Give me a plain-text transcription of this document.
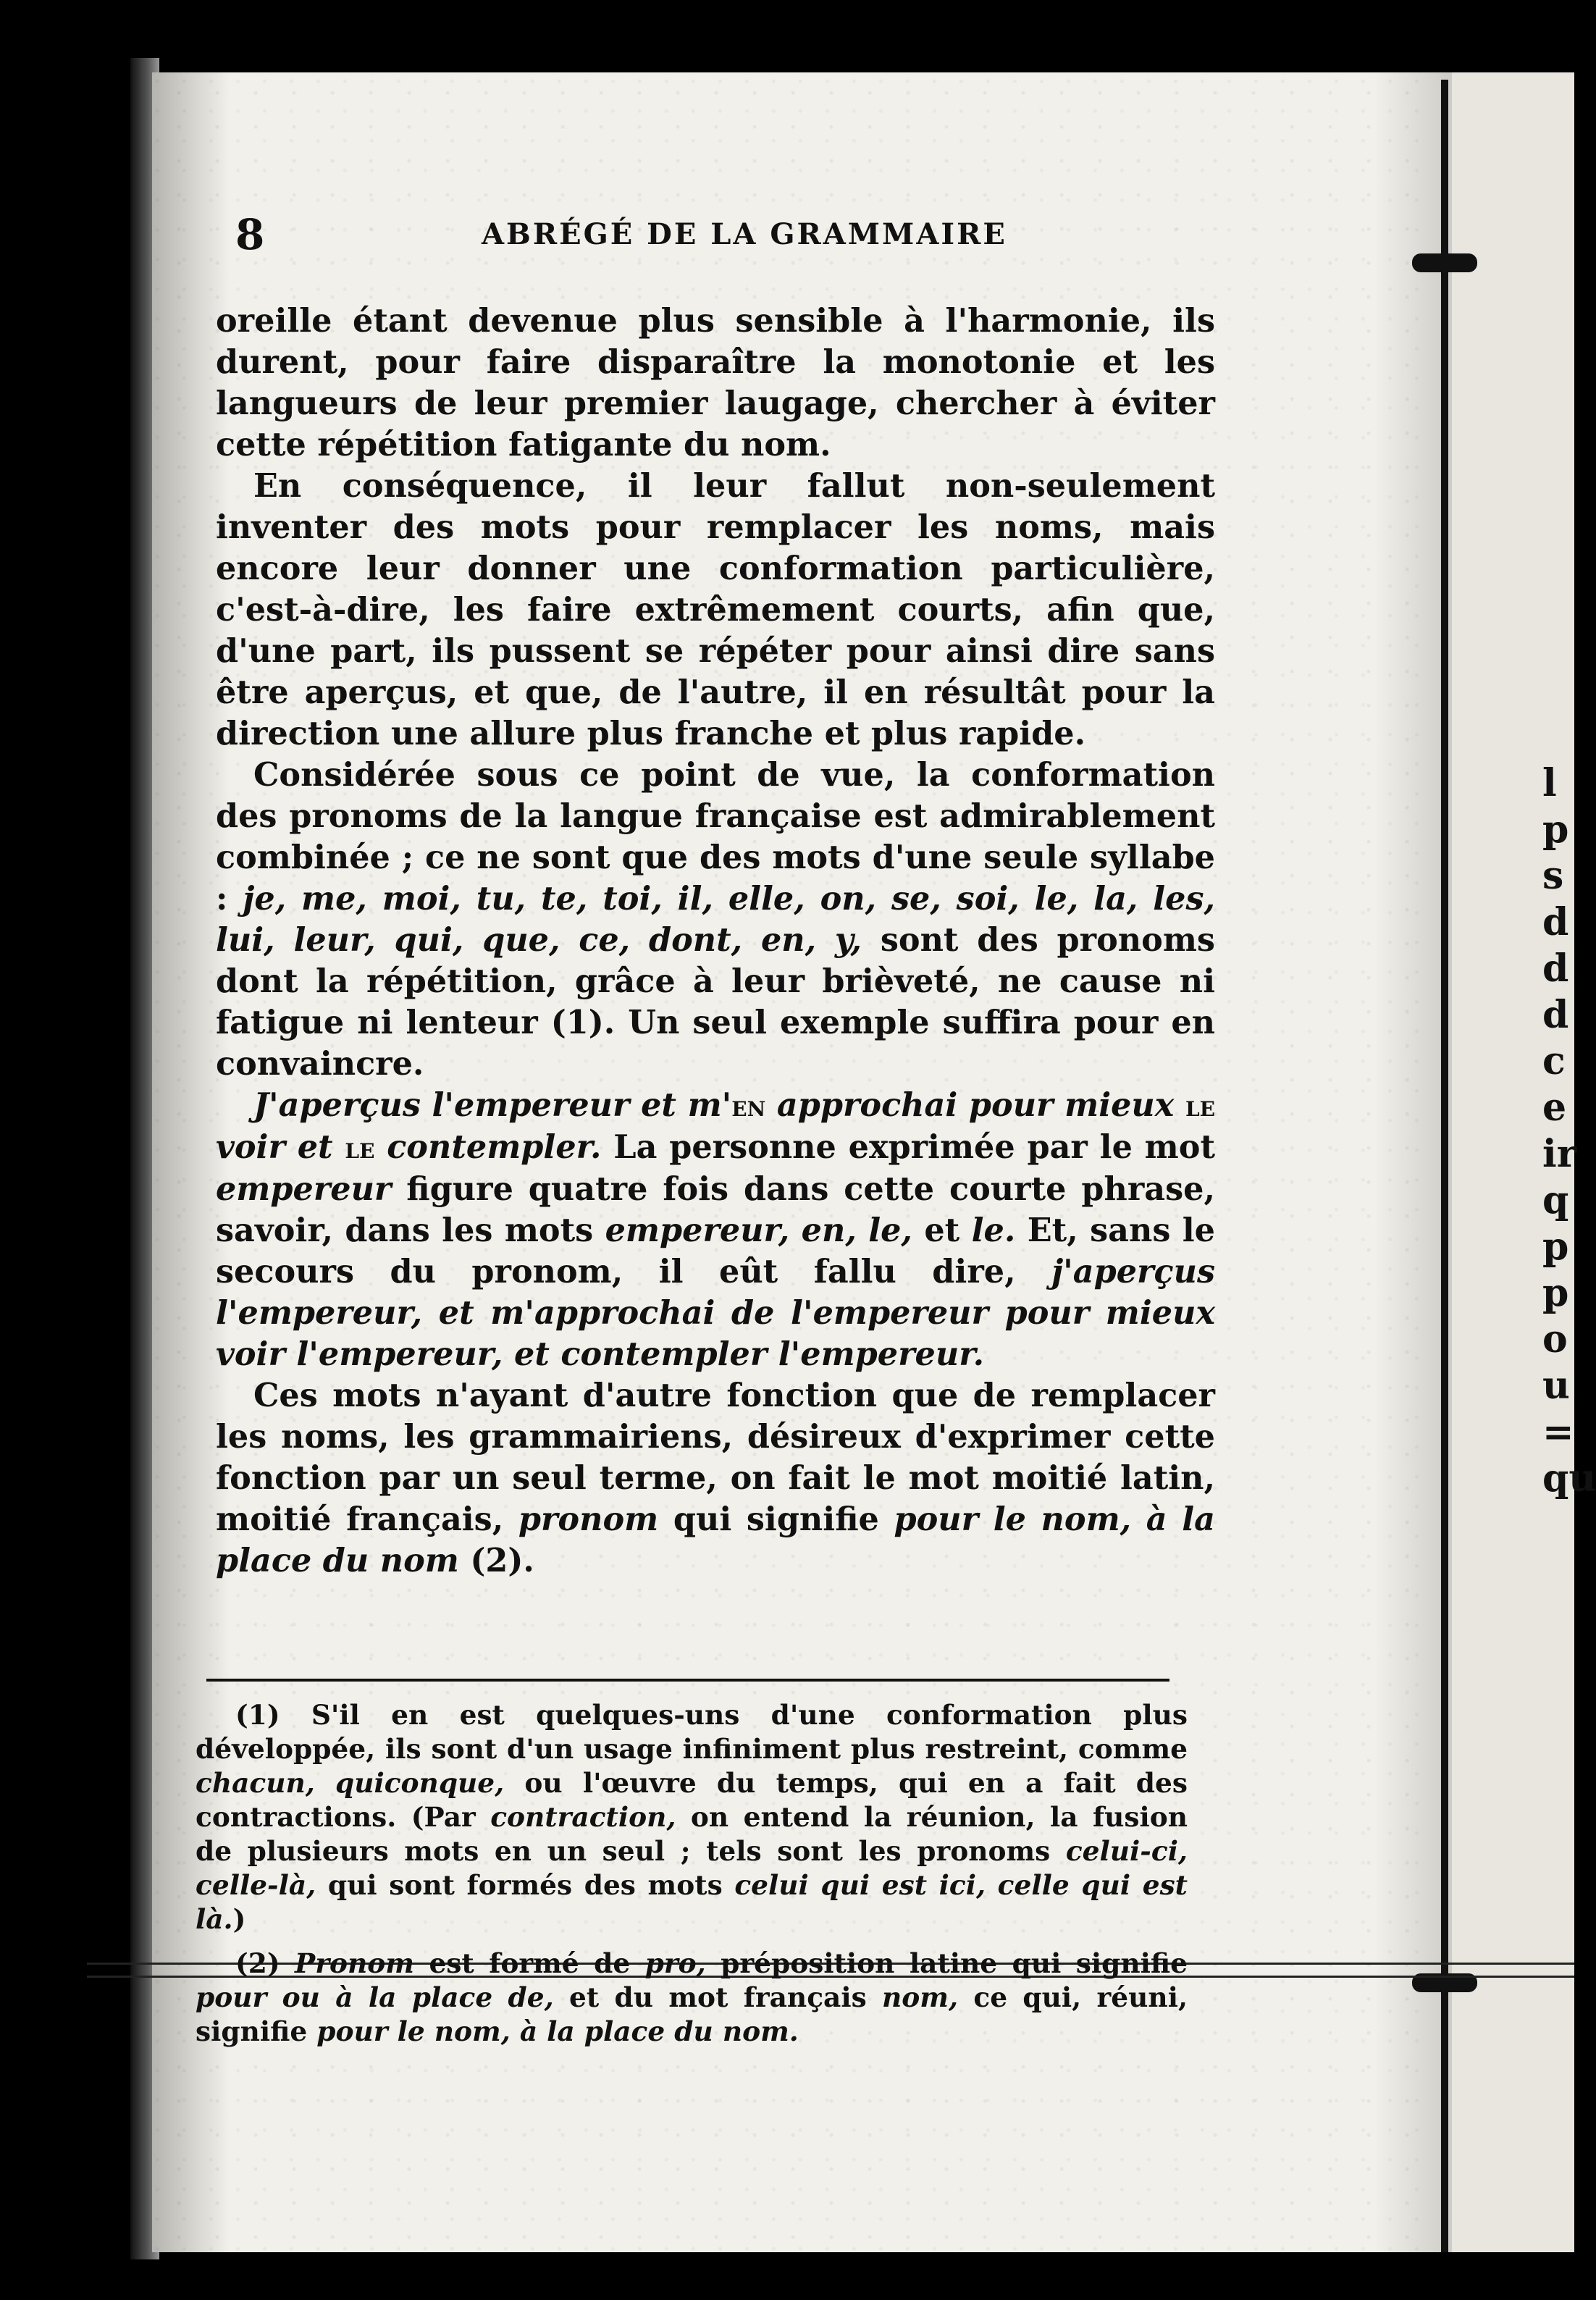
l
p
s
d
d
d
c
e
ir
q
p
p
o
u
=
qu
8	ABRÉGÉ DE LA GRAMMAIRE

oreille étant devenue plus sensible à l'harmonie, ils durent, pour faire disparaître la monotonie et les langueurs de leur premier laugage, chercher à éviter cette répétition fatigante du nom.

En conséquence, il leur fallut non-seulement inventer des mots pour remplacer les noms, mais encore leur donner une conformation particulière, c'est-à-dire, les faire extrêmement courts, afin que, d'une part, ils pussent se répéter pour ainsi dire sans être aperçus, et que, de l'autre, il en résultât pour la direction une allure plus franche et plus rapide.

Considérée sous ce point de vue, la conformation des pronoms de la langue française est admirablement combinée ; ce ne sont que des mots d'une seule syllabe : je, me, moi, tu, te, toi, il, elle, on, se, soi, le, la, les, lui, leur, qui, que, ce, dont, en, y, sont des pronoms dont la répétition, grâce à leur brièveté, ne cause ni fatigue ni lenteur (1). Un seul exemple suffira pour en convaincre.

J'aperçus l'empereur et m'en approchai pour mieux le voir et le contempler. La personne exprimée par le mot empereur figure quatre fois dans cette courte phrase, savoir, dans les mots empereur, en, le, et le. Et, sans le secours du pronom, il eût fallu dire, j'aperçus l'empereur, et m'approchai de l'empereur pour mieux voir l'empereur, et contempler l'empereur.

Ces mots n'ayant d'autre fonction que de remplacer les noms, les grammairiens, désireux d'exprimer cette fonction par un seul terme, on fait le mot moitié latin, moitié français, pronom qui signifie pour le nom, à la place du nom (2).

(1) S'il en est quelques-uns d'une conformation plus développée, ils sont d'un usage infiniment plus restreint, comme chacun, quiconque, ou l'œuvre du temps, qui en a fait des contractions. (Par contraction, on entend la réunion, la fusion de plusieurs mots en un seul ; tels sont les pronoms celui-ci, celle-là, qui sont formés des mots celui qui est ici, celle qui est là.)

(2) Pronom est formé de pro, préposition latine qui signifie pour ou à la place de, et du mot français nom, ce qui, réuni, signifie pour le nom, à la place du nom.
